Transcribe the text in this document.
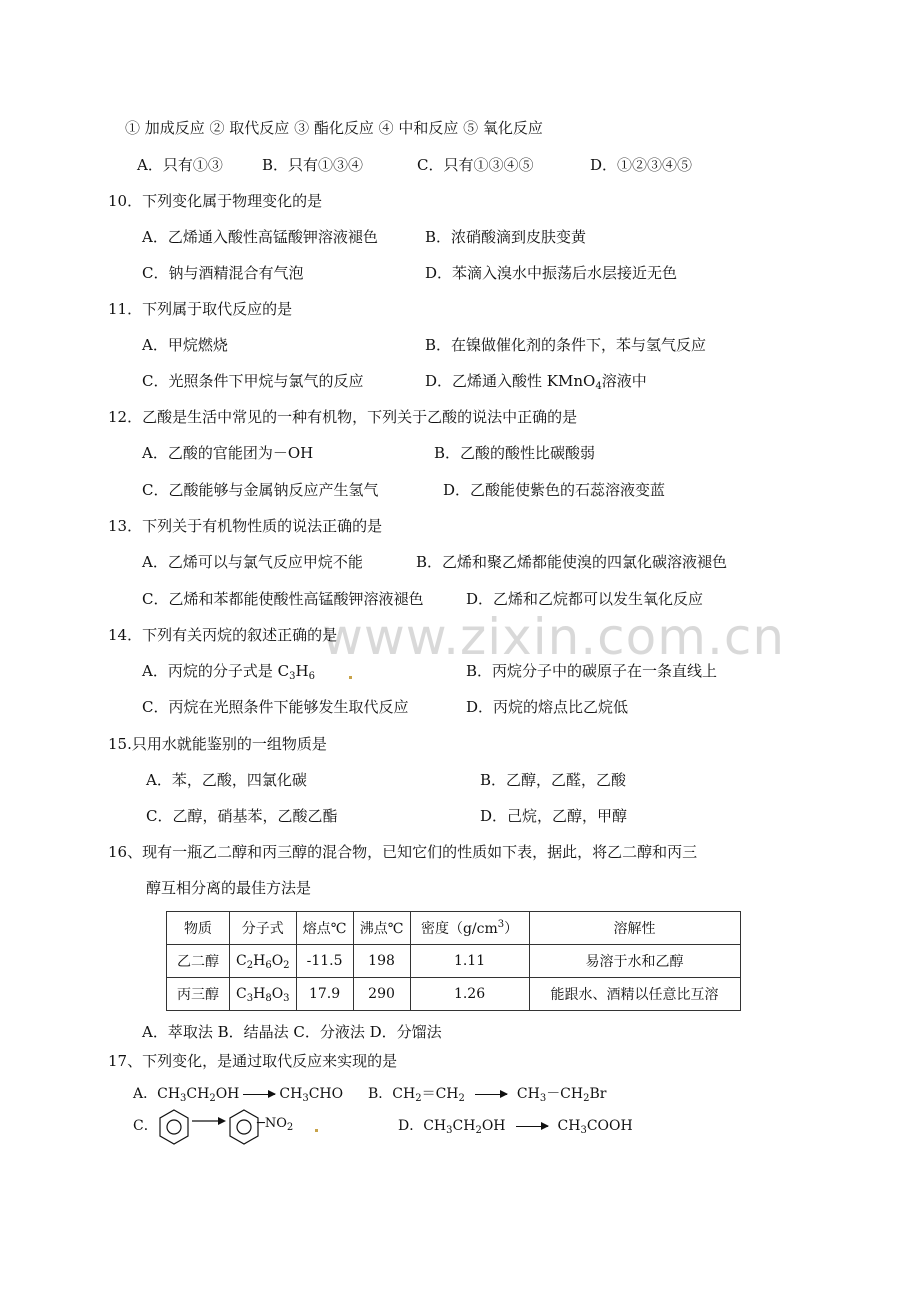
www.zixin.com.cn
① 加成反应 ② 取代反应 ③ 酯化反应 ④ 中和反应 ⑤ 氧化反应
A．只有①③	B．只有①③④	C．只有①③④⑤	D．①②③④⑤
10．下列变化属于物理变化的是
A．乙烯通入酸性高锰酸钾溶液褪色	B．浓硝酸滴到皮肤变黄
C．钠与酒精混合有气泡	D．苯滴入溴水中振荡后水层接近无色
11．下列属于取代反应的是
A．甲烷燃烧	B．在镍做催化剂的条件下，苯与氢气反应
C．光照条件下甲烷与氯气的反应	D．乙烯通入酸性 KMnO$_4$溶液中
12．乙酸是生活中常见的一种有机物，下列关于乙酸的说法中正确的是
A．乙酸的官能团为－OH	B．乙酸的酸性比碳酸弱
C．乙酸能够与金属钠反应产生氢气	D．乙酸能使紫色的石蕊溶液变蓝
13．下列关于有机物性质的说法正确的是
A．乙烯可以与氯气反应甲烷不能	B．乙烯和聚乙烯都能使溴的四氯化碳溶液褪色
C．乙烯和苯都能使酸性高锰酸钾溶液褪色	D．乙烯和乙烷都可以发生氧化反应
14．下列有关丙烷的叙述正确的是
A．丙烷的分子式是 $C_3H_6$	B．丙烷分子中的碳原子在一条直线上
C．丙烷在光照条件下能够发生取代反应	D．丙烷的熔点比乙烷低
15.只用水就能鉴别的一组物质是
A．苯，乙酸，四氯化碳	B．乙醇，乙醛，乙酸
C．乙醇，硝基苯，乙酸乙酯	D．己烷，乙醇，甲醇
16、现有一瓶乙二醇和丙三醇的混合物，已知它们的性质如下表，据此，将乙二醇和丙三
醇互相分离的最佳方法是
物质	分子式	熔点℃	沸点℃	密度$(g/cm^3)$	溶解性
乙二醇	$C_2H_6O_2$	-11.5	198	1.11	易溶于水和乙醇
丙三醇	$C_3H_8O_3$	17.9	290	1.26	能跟水、酒精以任意比互溶
A．萃取法 B．结晶法 C．分液法 D．分馏法
17、下列变化，是通过取代反应来实现的是
A．$CH_3CH_2OH \to CH_3CHO$ B．$CH_2=CH_2 \to CH_3-CH_2Br$
C．	$─NO_2$	D．$CH_3CH_2OH$ → $CH_3COOH$
